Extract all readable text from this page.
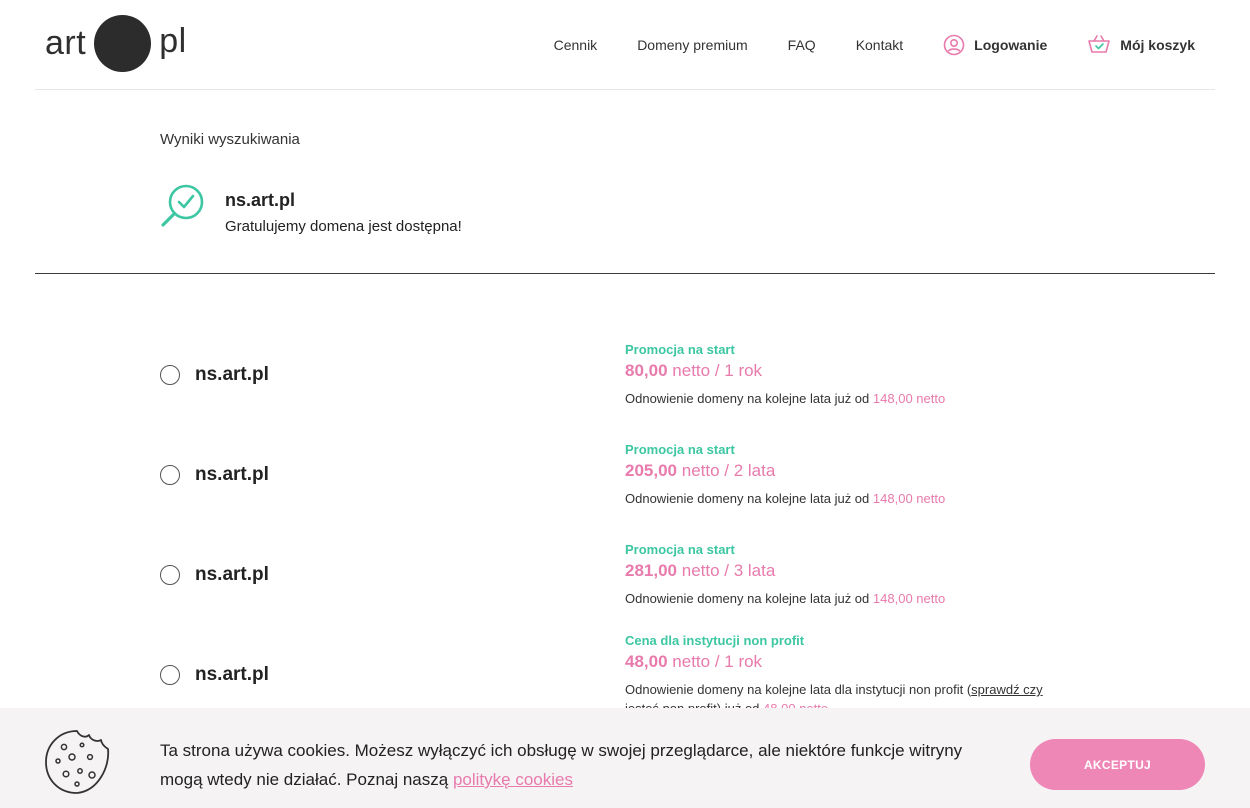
art pl	Cennik	Domeny premium	FAQ	Kontakt	Logowanie	Mój koszyk
Wyniki wyszukiwania
ns.art.pl
Gratulujemy domena jest dostępna!
ns.art.pl
Promocja na start
80,00 netto / 1 rok
Odnowienie domeny na kolejne lata już od 148,00 netto
ns.art.pl
Promocja na start
205,00 netto / 2 lata
Odnowienie domeny na kolejne lata już od 148,00 netto
ns.art.pl
Promocja na start
281,00 netto / 3 lata
Odnowienie domeny na kolejne lata już od 148,00 netto
ns.art.pl
Cena dla instytucji non profit
48,00 netto / 1 rok
Odnowienie domeny na kolejne lata dla instytucji non profit (sprawdź czy
Ta strona używa cookies. Możesz wyłączyć ich obsługę w swojej przeglądarce, ale niektóre funkcje witryny mogą wtedy nie działać. Poznaj naszą politykę cookies
AKCEPTUJ
